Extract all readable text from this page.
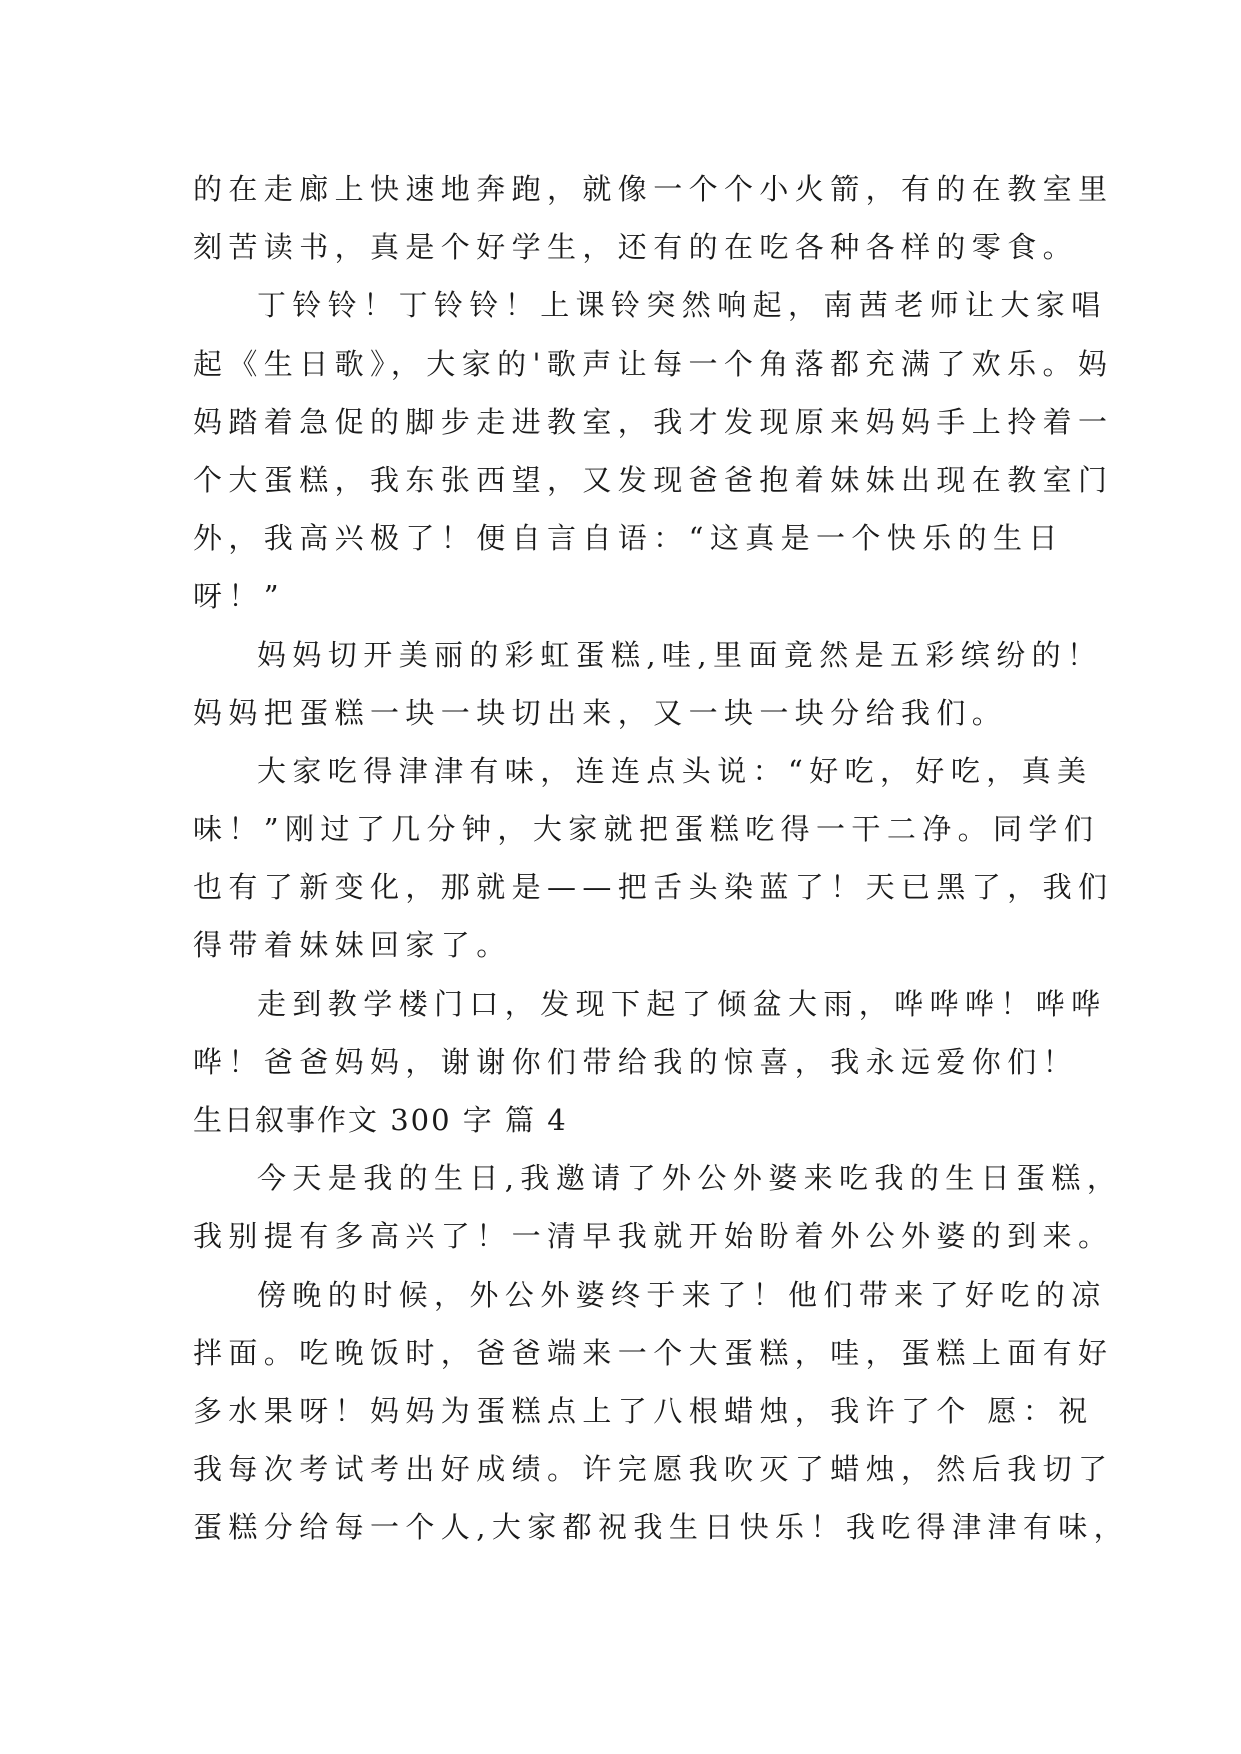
的在走廊上快速地奔跑，就像一个个小火箭，有的在教室里
刻苦读书，真是个好学生，还有的在吃各种各样的零食。
丁铃铃！丁铃铃！上课铃突然响起，南茜老师让大家唱
起《生日歌》，大家的'歌声让每一个角落都充满了欢乐。妈
妈踏着急促的脚步走进教室，我才发现原来妈妈手上拎着一
个大蛋糕，我东张西望，又发现爸爸抱着妹妹出现在教室门
外，我高兴极了！便自言自语：“这真是一个快乐的生日
呀！”
妈妈切开美丽的彩虹蛋糕,哇,里面竟然是五彩缤纷的！
妈妈把蛋糕一块一块切出来，又一块一块分给我们。
大家吃得津津有味，连连点头说：“好吃，好吃，真美
味！”刚过了几分钟，大家就把蛋糕吃得一干二净。同学们
也有了新变化，那就是——把舌头染蓝了！天已黑了，我们
得带着妹妹回家了。
走到教学楼门口，发现下起了倾盆大雨，哗哗哗！哗哗
哗！爸爸妈妈，谢谢你们带给我的惊喜，我永远爱你们！
生日叙事作文 300 字 篇 4
今天是我的生日,我邀请了外公外婆来吃我的生日蛋糕，
我别提有多高兴了！一清早我就开始盼着外公外婆的到来。
傍晚的时候，外公外婆终于来了！他们带来了好吃的凉
拌面。吃晚饭时，爸爸端来一个大蛋糕，哇，蛋糕上面有好
多水果呀！妈妈为蛋糕点上了八根蜡烛，我许了个 愿：祝
我每次考试考出好成绩。许完愿我吹灭了蜡烛，然后我切了
蛋糕分给每一个人,大家都祝我生日快乐！我吃得津津有味，
